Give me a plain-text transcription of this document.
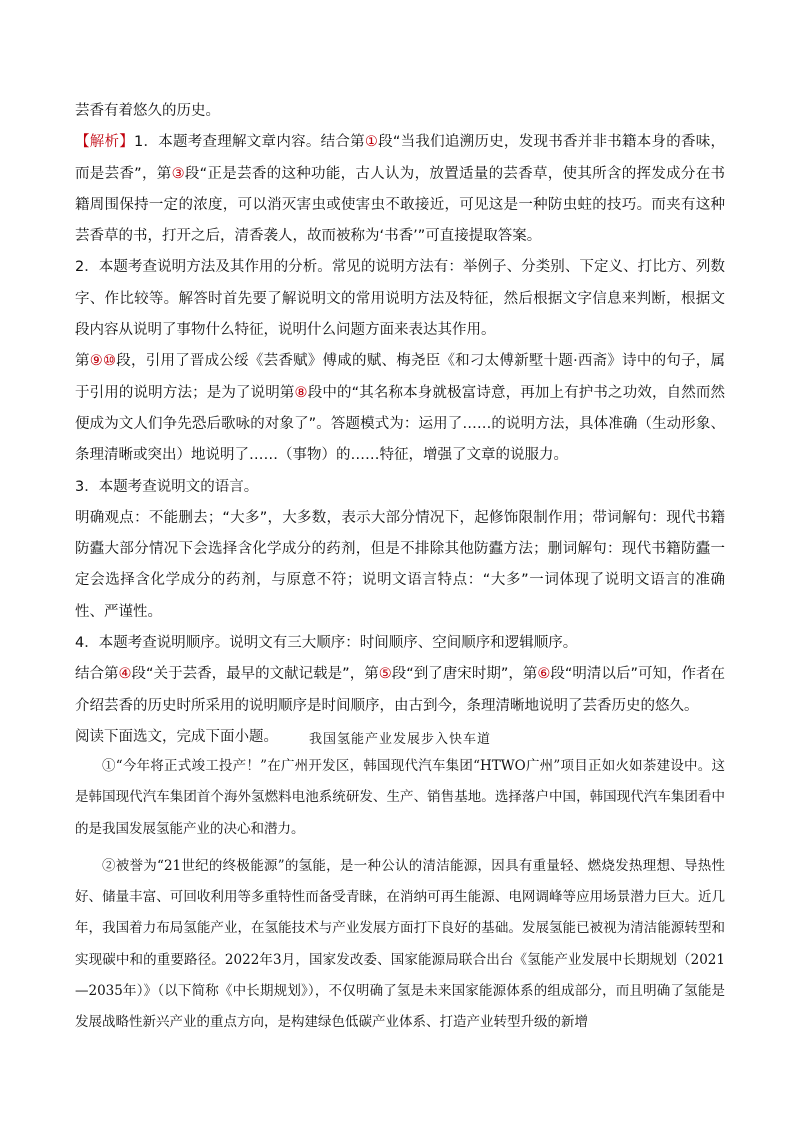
芸香有着悠久的历史。

【解析】1．本题考查理解文章内容。结合第①段“当我们追溯历史，发现书香并非书籍本身的香味，而是芸香”，第③段“正是芸香的这种功能，古人认为，放置适量的芸香草，使其所含的挥发成分在书籍周围保持一定的浓度，可以消灭害虫或使害虫不敢接近，可见这是一种防虫蛀的技巧。而夹有这种芸香草的书，打开之后，清香袭人，故而被称为‘书香’”可直接提取答案。

2．本题考查说明方法及其作用的分析。常见的说明方法有：举例子、分类别、下定义、打比方、列数字、作比较等。解答时首先要了解说明文的常用说明方法及特征，然后根据文字信息来判断，根据文段内容从说明了事物什么特征，说明什么问题方面来表达其作用。

第⑨⑩段，引用了晋成公绥《芸香赋》傅咸的赋、梅尧臣《和刁太傅新墅十题·西斋》诗中的句子，属于引用的说明方法；是为了说明第⑧段中的“其名称本身就极富诗意，再加上有护书之功效，自然而然便成为文人们争先恐后歌咏的对象了”。答题模式为：运用了……的说明方法，具体准确（生动形象、条理清晰或突出）地说明了……（事物）的……特征，增强了文章的说服力。

3．本题考查说明文的语言。

明确观点：不能删去；“大多”，大多数，表示大部分情况下，起修饰限制作用；带词解句：现代书籍防蠹大部分情况下会选择含化学成分的药剂，但是不排除其他防蠹方法；删词解句：现代书籍防蠹一定会选择含化学成分的药剂，与原意不符；说明文语言特点：“大多”一词体现了说明文语言的准确性、严谨性。

4．本题考查说明顺序。说明文有三大顺序：时间顺序、空间顺序和逻辑顺序。

结合第④段“关于芸香，最早的文献记载是”，第⑤段“到了唐宋时期”，第⑥段“明清以后”可知，作者在介绍芸香的历史时所采用的说明顺序是时间顺序，由古到今，条理清晰地说明了芸香历史的悠久。

阅读下面选文，完成下面小题。	我国氢能产业发展步入快车道

①“今年将正式竣工投产！”在广州开发区，韩国现代汽车集团“HTWO广州”项目正如火如荼建设中。这是韩国现代汽车集团首个海外氢燃料电池系统研发、生产、销售基地。选择落户中国，韩国现代汽车集团看中的是我国发展氢能产业的决心和潜力。

②被誉为“21世纪的终极能源”的氢能，是一种公认的清洁能源，因具有重量轻、燃烧发热理想、导热性好、储量丰富、可回收利用等多重特性而备受青睐，在消纳可再生能源、电网调峰等应用场景潜力巨大。近几年，我国着力布局氢能产业，在氢能技术与产业发展方面打下良好的基础。发展氢能已被视为清洁能源转型和实现碳中和的重要路径。2022年3月，国家发改委、国家能源局联合出台《氢能产业发展中长期规划（2021—2035年）》（以下简称《中长期规划》），不仅明确了氢是未来国家能源体系的组成部分，而且明确了氢能是发展战略性新兴产业的重点方向，是构建绿色低碳产业体系、打造产业转型升级的新增
